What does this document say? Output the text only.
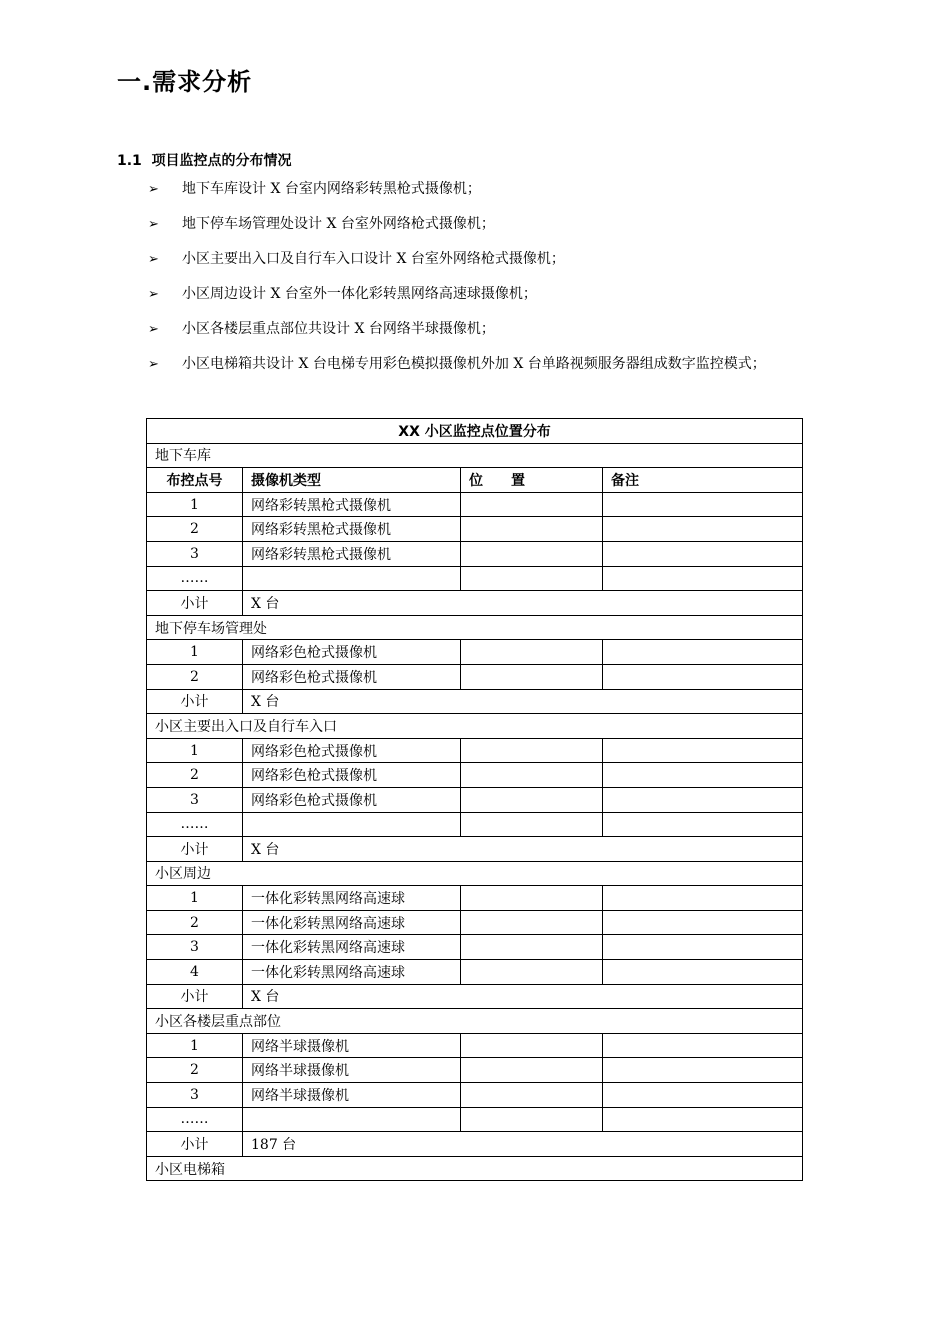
一.需求分析
1.1 项目监控点的分布情况
➢ 地下车库设计 X 台室内网络彩转黑枪式摄像机；
➢ 地下停车场管理处设计 X 台室外网络枪式摄像机；
➢ 小区主要出入口及自行车入口设计 X 台室外网络枪式摄像机；
➢ 小区周边设计 X 台室外一体化彩转黑网络高速球摄像机；
➢ 小区各楼层重点部位共设计 X 台网络半球摄像机；
➢ 小区电梯箱共设计 X 台电梯专用彩色模拟摄像机外加 X 台单路视频服务器组成数字监控模式；
XX 小区监控点位置分布			
地下车库			
布控点号	摄像机类型	位　　置	备注
1	网络彩转黑枪式摄像机		
2	网络彩转黑枪式摄像机		
3	网络彩转黑枪式摄像机		
……			
小计	X 台		
地下停车场管理处			
1	网络彩色枪式摄像机		
2	网络彩色枪式摄像机		
小计	X 台		
小区主要出入口及自行车入口			
1	网络彩色枪式摄像机		
2	网络彩色枪式摄像机		
3	网络彩色枪式摄像机		
……			
小计	X 台		
小区周边			
1	一体化彩转黑网络高速球		
2	一体化彩转黑网络高速球		
3	一体化彩转黑网络高速球		
4	一体化彩转黑网络高速球		
小计	X 台		
小区各楼层重点部位			
1	网络半球摄像机		
2	网络半球摄像机		
3	网络半球摄像机		
……			
小计	187 台		
小区电梯箱			
